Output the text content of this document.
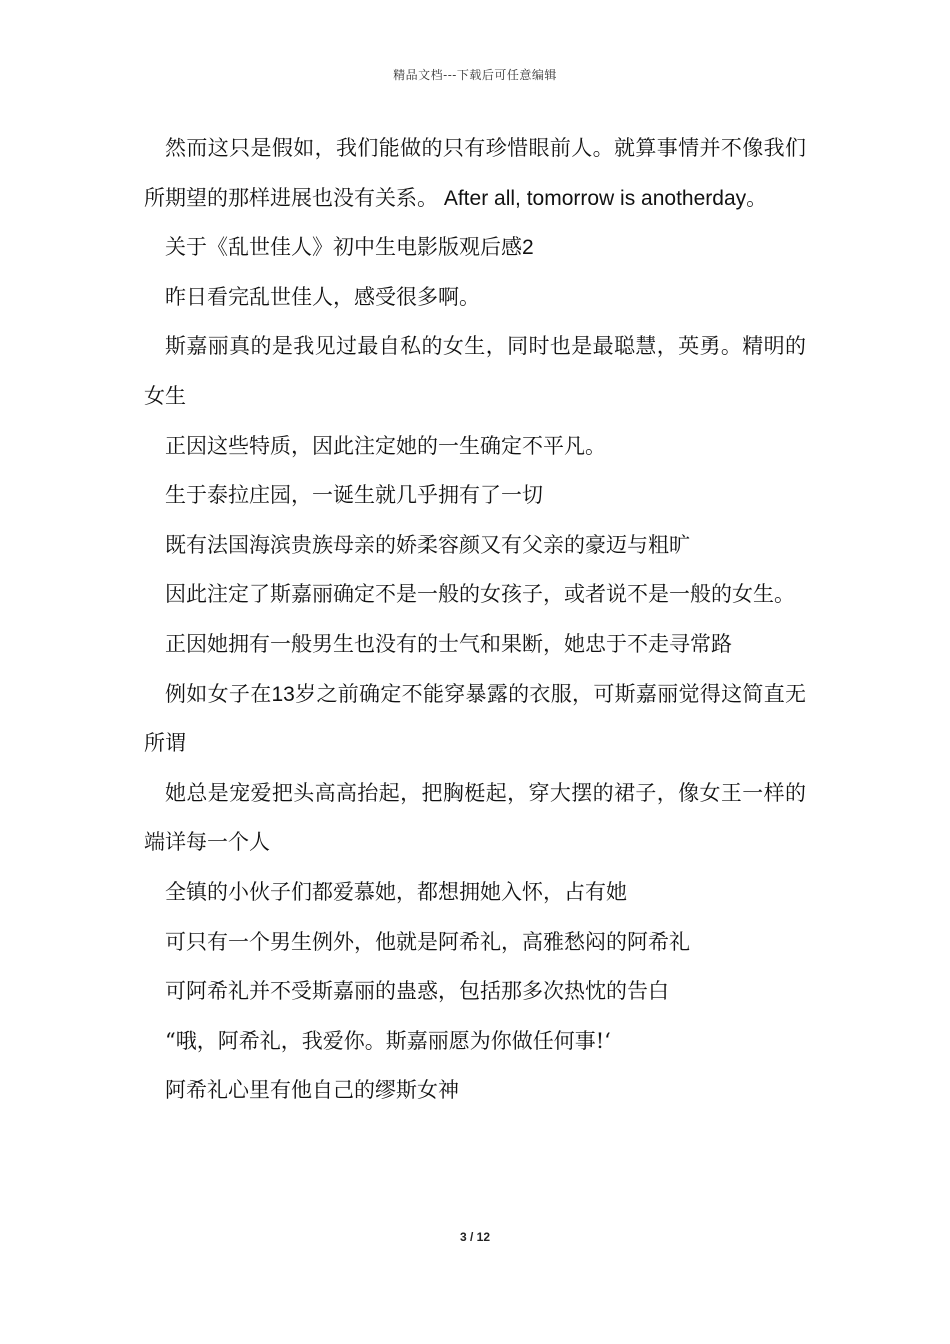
精品文档---下载后可任意编辑

然而这只是假如，我们能做的只有珍惜眼前人。就算事情并不像我们所期望的那样进展也没有关系。 After all, tomorrow is anotherday。

关于《乱世佳人》初中生电影版观后感2

昨日看完乱世佳人，感受很多啊。

斯嘉丽真的是我见过最自私的女生，同时也是最聪慧，英勇。精明的女生

正因这些特质，因此注定她的一生确定不平凡。

生于泰拉庄园，一诞生就几乎拥有了一切

既有法国海滨贵族母亲的娇柔容颜又有父亲的豪迈与粗旷

因此注定了斯嘉丽确定不是一般的女孩子，或者说不是一般的女生。

正因她拥有一般男生也没有的士气和果断，她忠于不走寻常路

例如女子在13岁之前确定不能穿暴露的衣服，可斯嘉丽觉得这简直无所谓

她总是宠爱把头高高抬起，把胸梃起，穿大摆的裙子，像女王一样的端详每一个人

全镇的小伙子们都爱慕她，都想拥她入怀，占有她

可只有一个男生例外，他就是阿希礼，高雅愁闷的阿希礼

可阿希礼并不受斯嘉丽的蛊惑，包括那多次热忱的告白

“哦，阿希礼，我爱你。斯嘉丽愿为你做任何事!‘

阿希礼心里有他自己的缪斯女神

3 / 12
